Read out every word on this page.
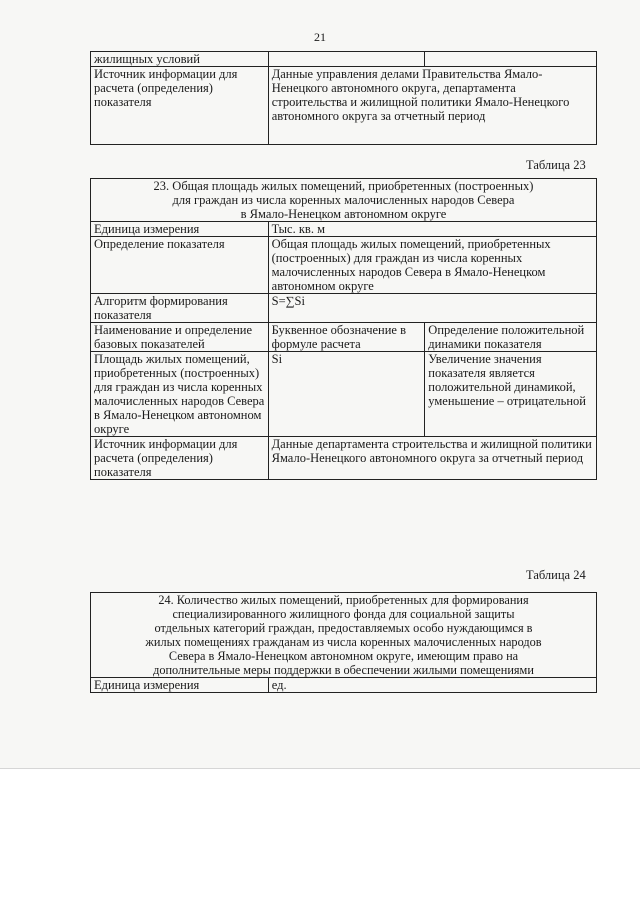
21
жилищных условий		
Источник информации для расчета (определения) показателя	Данные управления делами Правительства Ямало-Ненецкого автономного округа, департамента строительства и жилищной политики Ямало-Ненецкого автономного округа за отчетный период	
Таблица 23
23. Общая площадь жилых помещений, приобретенных (построенных)
для граждан из числа коренных малочисленных народов Севера
в Ямало-Ненецком автономном округе		

Единица измерения	Тыс. кв. м	
Определение показателя	Общая площадь жилых помещений, приобретенных (построенных) для граждан из числа коренных малочисленных народов Севера в Ямало-Ненецком автономном округе	
Алгоритм формирования показателя	S=∑Si	
Наименование и определение базовых показателей	Буквенное обозначение в формуле расчета	Определение положительной динамики показателя
Площадь жилых помещений, приобретенных (построенных) для граждан из числа коренных малочисленных народов Севера в Ямало-Ненецком автономном округе	Si	Увеличение значения показателя является положительной динамикой, уменьшение – отрицательной
Источник информации для расчета (определения) показателя	Данные департамента строительства и жилищной политики Ямало-Ненецкого автономного округа за отчетный период	
Таблица 24
24. Количество жилых помещений, приобретенных для формирования
специализированного жилищного фонда для социальной защиты
отдельных категорий граждан, предоставляемых особо нуждающимся в
жилых помещениях гражданам из числа коренных малочисленных народов
Севера в Ямало-Ненецком автономном округе, имеющим право на
дополнительные меры поддержки в обеспечении жилыми помещениями

Единица измерения	ед.
